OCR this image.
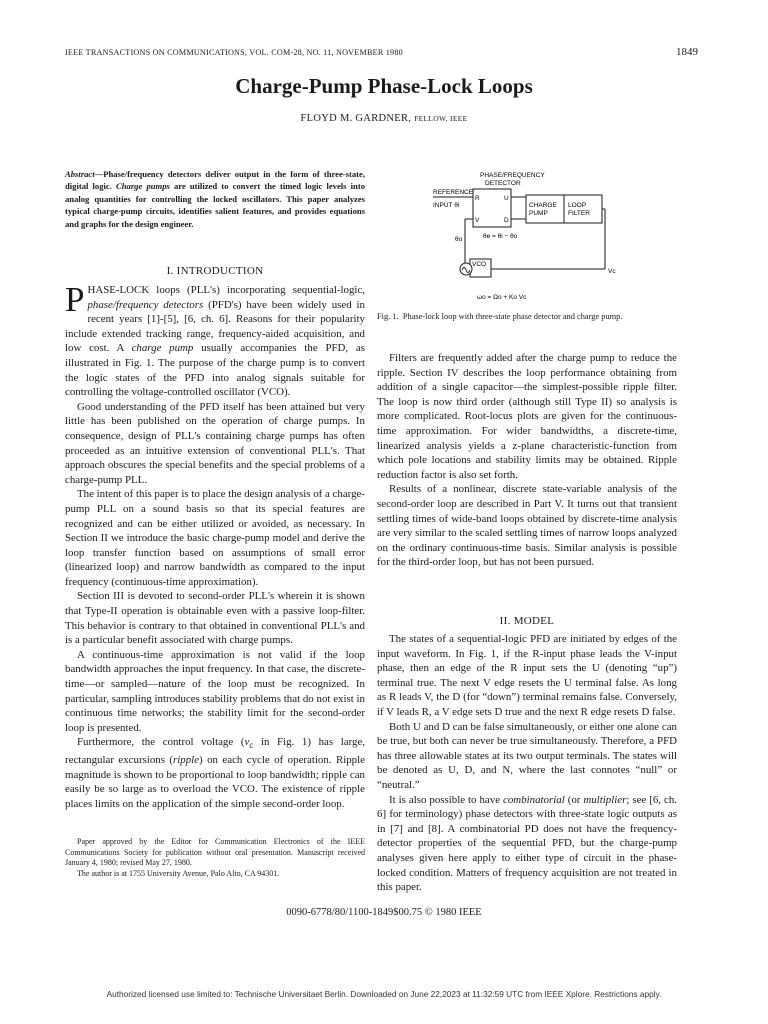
IEEE TRANSACTIONS ON COMMUNICATIONS, VOL. COM-28, NO. 11, NOVEMBER 1980	1849
Charge-Pump Phase-Lock Loops
FLOYD M. GARDNER, FELLOW, IEEE
Abstract—Phase/frequency detectors deliver output in the form of three-state, digital logic. Charge pumps are utilized to convert the timed logic levels into analog quantities for controlling the locked oscillators. This paper analyzes typical charge-pump circuits, identifies salient features, and provides equations and graphs for the design engineer.
I. INTRODUCTION

PHASE-LOCK loops (PLL's) incorporating sequential-logic, phase/frequency detectors (PFD's) have been widely used in recent years [1]-[5], [6, ch. 6]. Reasons for their popularity include extended tracking range, frequency-aided acquisition, and low cost. A charge pump usually accompanies the PFD, as illustrated in Fig. 1. The purpose of the charge pump is to convert the logic states of the PFD into analog signals suitable for controlling the voltage-controlled oscillator (VCO).

Good understanding of the PFD itself has been attained but very little has been published on the operation of charge pumps. In consequence, design of PLL's containing charge pumps has often proceeded as an intuitive extension of conventional PLL's. That approach obscures the special benefits and the special problems of a charge-pump PLL.

The intent of this paper is to place the design analysis of a charge-pump PLL on a sound basis so that its special features are recognized and can be either utilized or avoided, as necessary. In Section II we introduce the basic charge-pump model and derive the loop transfer function based on assumptions of small error (linearized loop) and narrow bandwidth as compared to the input frequency (continuous-time approximation).

Section III is devoted to second-order PLL's wherein it is shown that Type-II operation is obtainable even with a passive loop-filter. This behavior is contrary to that obtained in conventional PLL's and is a particular benefit associated with charge pumps.

A continuous-time approximation is not valid if the loop bandwidth approaches the input frequency. In that case, the discrete-time—or sampled—nature of the loop must be recognized. In particular, sampling introduces stability problems that do not exist in continuous time networks; the stability limit for the second-order loop is presented.

Furthermore, the control voltage ($v_c$ in Fig. 1) has large, rectangular excursions (ripple) on each cycle of operation. Ripple magnitude is shown to be proportional to loop bandwidth; ripple can easily be so large as to overload the VCO. The existence of ripple places limits on the application of the simple second-order loop.

Paper approved by the Editor for Communication Electronics of the IEEE Communications Society for publication without oral presentation. Manuscript received January 4, 1980; revised May 27, 1980.

The author is at 1755 University Avenue, Palo Alto, CA 94301.

PHASE/FREQUENCY
DETECTOR
REFERENCE
INPUT θi
R	U
V	D
CHARGE
PUMP
LOOP
FILTER
θo	θe = θi − θo
VCO
Vc
ωo = Ωo + Ko Vc
Fig. 1. Phase-lock loop with three-state phase detector and charge pump.

Filters are frequently added after the charge pump to reduce the ripple. Section IV describes the loop performance obtaining from addition of a single capacitor—the simplest-possible ripple filter. The loop is now third order (although still Type II) so analysis is more complicated. Root-locus plots are given for the continuous-time approximation. For wider bandwidths, a discrete-time, linearized analysis yields a z-plane characteristic-function from which pole locations and stability limits may be obtained. Ripple reduction factor is also set forth.

Results of a nonlinear, discrete state-variable analysis of the second-order loop are described in Part V. It turns out that transient settling times of wide-band loops obtained by discrete-time analysis are very similar to the scaled settling times of narrow loops analyzed on the ordinary continuous-time basis. Similar analysis is possible for the third-order loop, but has not been pursued.

II. MODEL

The states of a sequential-logic PFD are initiated by edges of the input waveform. In Fig. 1, if the R-input phase leads the V-input phase, then an edge of the R input sets the U (denoting “up”) terminal true. The next V edge resets the U terminal false. As long as R leads V, the D (for “down”) terminal remains false. Conversely, if V leads R, a V edge sets D true and the next R edge resets D false.

Both U and D can be false simultaneously, or either one alone can be true, but both can never be true simultaneously. Therefore, a PFD has three allowable states at its two output terminals. The states will be denoted as U, D, and N, where the last connotes “null” or “neutral.”

It is also possible to have combinatorial (or multiplier; see [6, ch. 6] for terminology) phase detectors with three-state logic outputs as in [7] and [8]. A combinatorial PD does not have the frequency-detector properties of the sequential PFD, but the charge-pump analyses given here apply to either type of circuit in the phase-locked condition. Matters of frequency acquisition are not treated in this paper.

0090-6778/80/1100-1849$00.75 © 1980 IEEE
Authorized licensed use limited to: Technische Universitaet Berlin. Downloaded on June 22,2023 at 11:32:59 UTC from IEEE Xplore. Restrictions apply.
